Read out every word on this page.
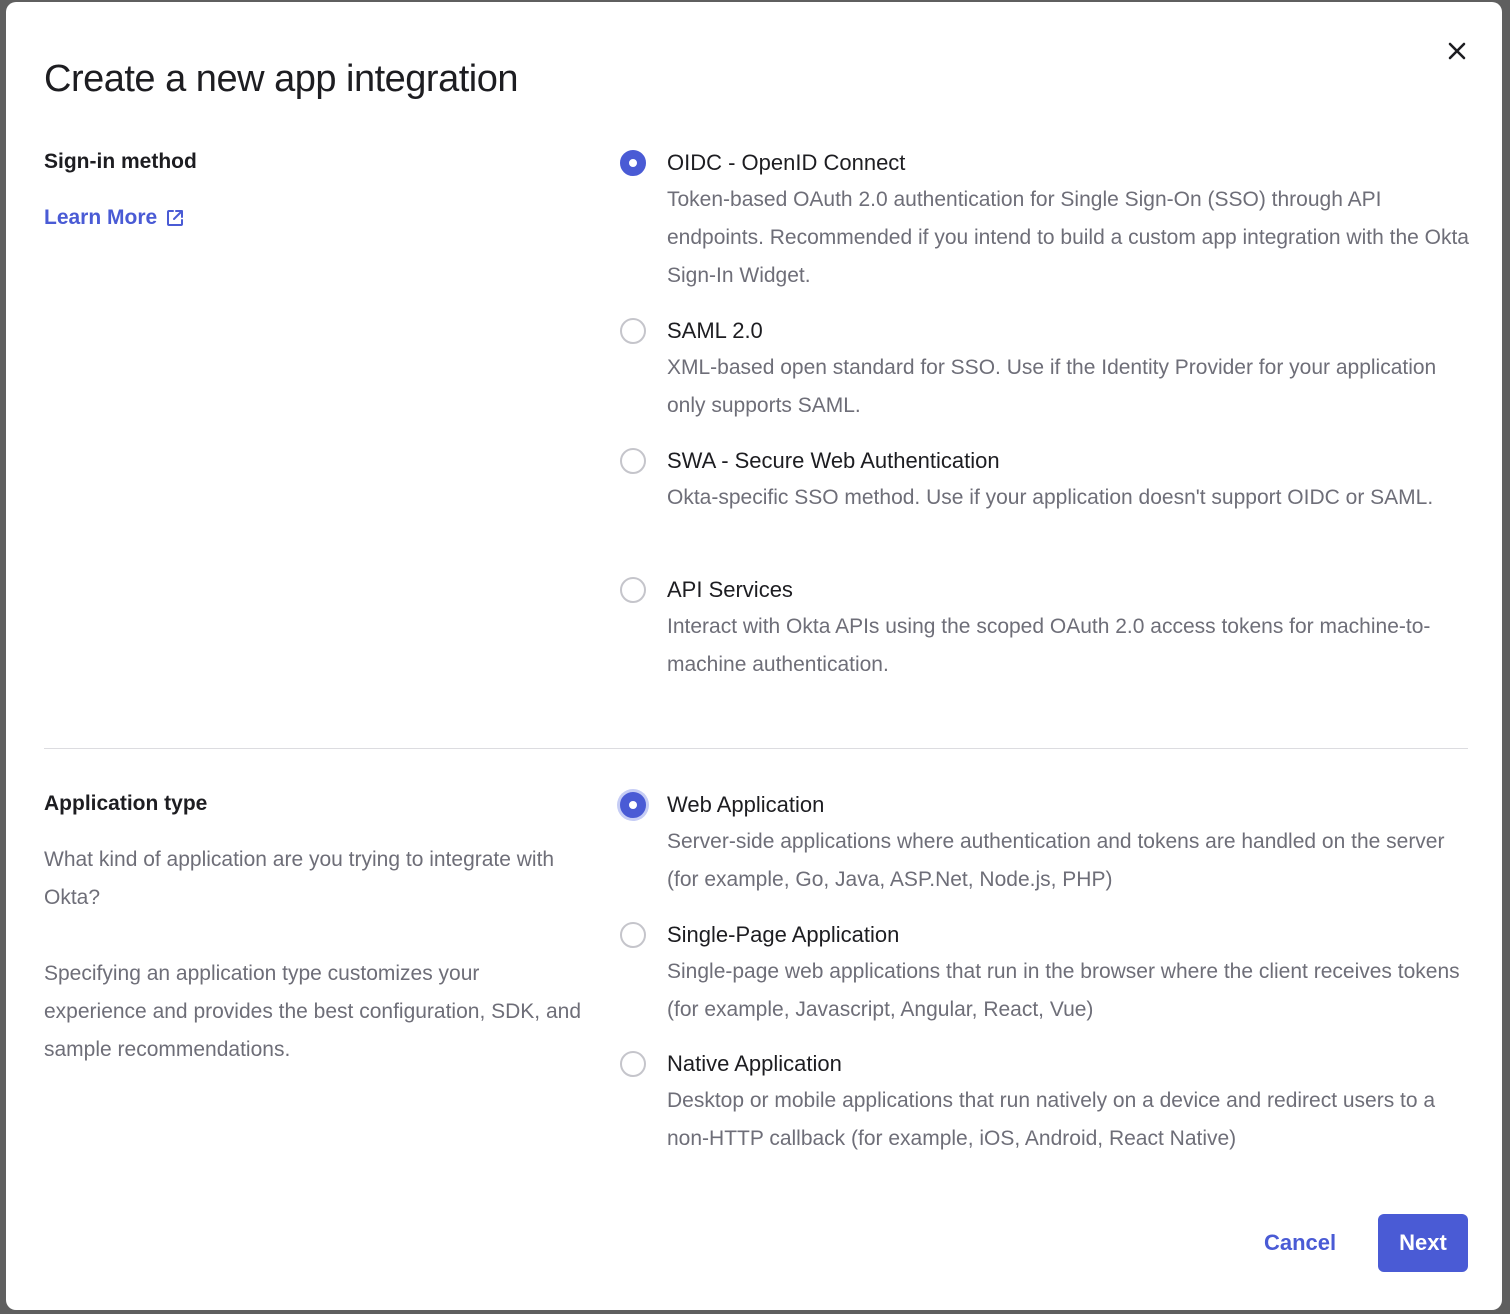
Create a new app integration
Sign-in method
Learn More
OIDC - OpenID Connect
Token-based OAuth 2.0 authentication for Single Sign-On (SSO) through API endpoints. Recommended if you intend to build a custom app integration with the Okta Sign-In Widget.
SAML 2.0
XML-based open standard for SSO. Use if the Identity Provider for your application only supports SAML.
SWA - Secure Web Authentication
Okta-specific SSO method. Use if your application doesn't support OIDC or SAML.
API Services
Interact with Okta APIs using the scoped OAuth 2.0 access tokens for machine-to-machine authentication.
Application type

What kind of application are you trying to integrate with Okta?

Specifying an application type customizes your experience and provides the best configuration, SDK, and sample recommendations.

Web Application
Server-side applications where authentication and tokens are handled on the server (for example, Go, Java, ASP.Net, Node.js, PHP)
Single-Page Application
Single-page web applications that run in the browser where the client receives tokens (for example, Javascript, Angular, React, Vue)
Native Application
Desktop or mobile applications that run natively on a device and redirect users to a non-HTTP callback (for example, iOS, Android, React Native)
Cancel	Next
